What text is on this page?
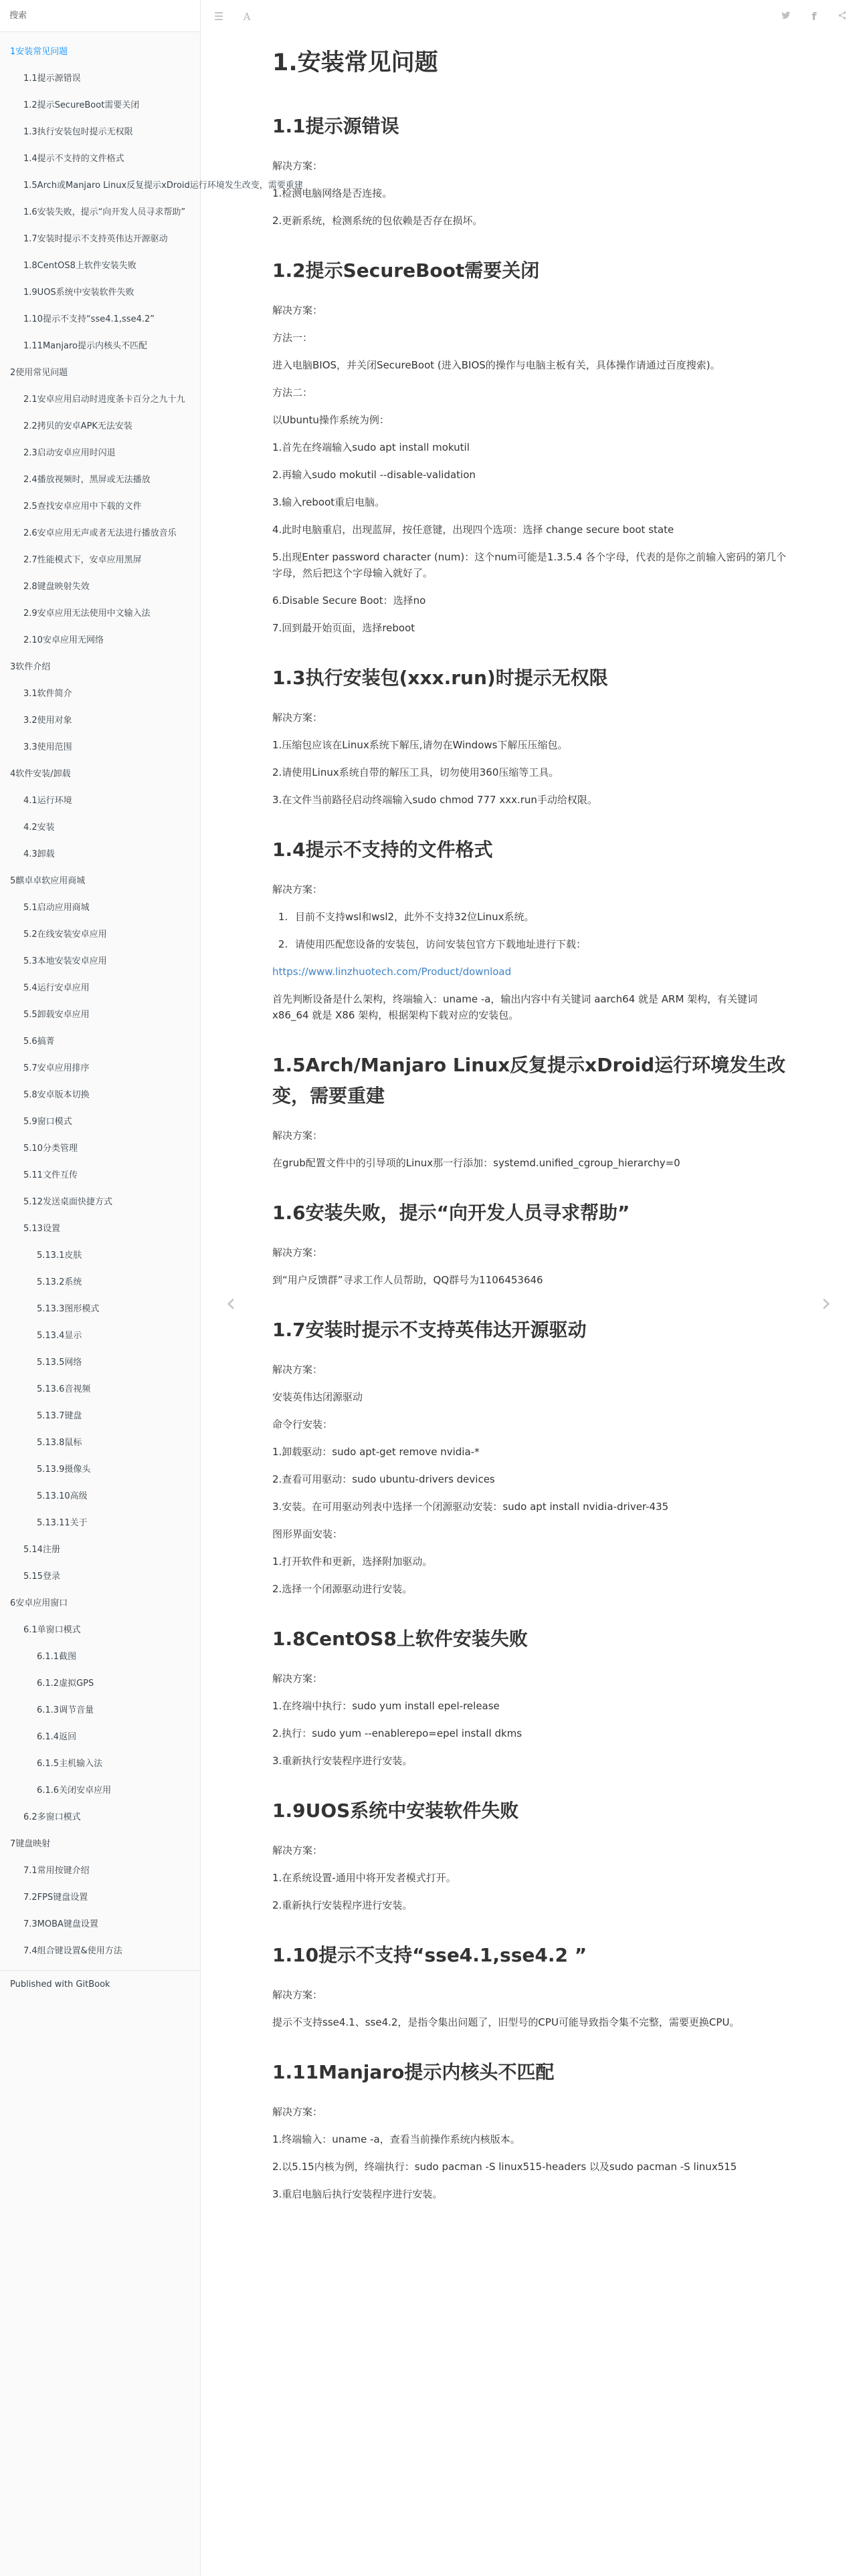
搜索
1安装常见问题
1.1提示源错误
1.2提示SecureBoot需要关闭
1.3执行安装包时提示无权限
1.4提示不支持的文件格式
1.5Arch或Manjaro Linux反复提示xDroid运行环境发生改变，需要重建
1.6安装失败，提示“向开发人员寻求帮助”
1.7安装时提示不支持英伟达开源驱动
1.8CentOS8上软件安装失败
1.9UOS系统中安装软件失败
1.10提示不支持“sse4.1,sse4.2”
1.11Manjaro提示内核头不匹配
2使用常见问题
2.1安卓应用启动时进度条卡百分之九十九
2.2拷贝的安卓APK无法安装
2.3启动安卓应用时闪退
2.4播放视频时，黑屏或无法播放
2.5查找安卓应用中下载的文件
2.6安卓应用无声或者无法进行播放音乐
2.7性能模式下，安卓应用黑屏
2.8键盘映射失效
2.9安卓应用无法使用中文输入法
2.10安卓应用无网络
3软件介绍
3.1软件简介
3.2使用对象
3.3使用范围
4软件安装/卸载
4.1运行环境
4.2安装
4.3卸载
5麒卓卓软应用商城
5.1启动应用商城
5.2在线安装安卓应用
5.3本地安装安卓应用
5.4运行安卓应用
5.5卸载安卓应用
5.6搞菁
5.7安卓应用排序
5.8安卓版本切换
5.9窗口模式
5.10分类管理
5.11文件互传
5.12发送桌面快捷方式
5.13设置
5.13.1皮肤
5.13.2系统
5.13.3图形模式
5.13.4显示
5.13.5网络
5.13.6音视频
5.13.7键盘
5.13.8鼠标
5.13.9摄像头
5.13.10高级
5.13.11关于
5.14注册
5.15登录
6安卓应用窗口
6.1单窗口模式
6.1.1截图
6.1.2虚拟GPS
6.1.3调节音量
6.1.4返回
6.1.5主机输入法
6.1.6关闭安卓应用
6.2多窗口模式
7键盘映射
7.1常用按键介绍
7.2FPS键盘设置
7.3MOBA键盘设置
7.4组合键设置&使用方法
Published with GitBook
☰	A	f
‹	›
1.安装常见问题
1.1提示源错误

解决方案：

1.检测电脑网络是否连接。

2.更新系统，检测系统的包依赖是否存在损坏。

1.2提示SecureBoot需要关闭

解决方案：

方法一：

进入电脑BIOS，并关闭SecureBoot (进入BIOS的操作与电脑主板有关，具体操作请通过百度搜索)。

方法二：

以Ubuntu操作系统为例：

1.首先在终端输入sudo apt install mokutil

2.再输入sudo mokutil --disable-validation

3.输入reboot重启电脑。

4.此时电脑重启，出现蓝屏，按任意键，出现四个选项：选择 change secure boot state

5.出现Enter password character (num)：这个num可能是1.3.5.4 各个字母，代表的是你之前输入密码的第几个字母，然后把这个字母输入就好了。

6.Disable Secure Boot：选择no

7.回到最开始页面，选择reboot

1.3执行安装包(xxx.run)时提示无权限

解决方案：

1.压缩包应该在Linux系统下解压,请勿在Windows下解压压缩包。

2.请使用Linux系统自带的解压工具，切勿使用360压缩等工具。

3.在文件当前路径启动终端输入sudo chmod 777 xxx.run手动给权限。

1.4提示不支持的文件格式

解决方案：

1. 目前不支持wsl和wsl2，此外不支持32位Linux系统。
2. 请使用匹配您设备的安装包，访问安装包官方下载地址进行下载：

https://www.linzhuotech.com/Product/download

首先判断设备是什么架构，终端输入：uname -a，输出内容中有关键词 aarch64 就是 ARM 架构，有关键词 x86_64 就是 X86 架构，根据架构下载对应的安装包。

1.5Arch/Manjaro Linux反复提示xDroid运行环境发生改变，需要重建

解决方案：

在grub配置文件中的引导项的Linux那一行添加：systemd.unified_cgroup_hierarchy=0

1.6安装失败，提示“向开发人员寻求帮助”

解决方案：

到“用户反馈群”寻求工作人员帮助，QQ群号为1106453646

1.7安装时提示不支持英伟达开源驱动

解决方案：

安装英伟达闭源驱动

命令行安装：

1.卸载驱动：sudo apt-get remove nvidia-*

2.查看可用驱动：sudo ubuntu-drivers devices

3.安装。在可用驱动列表中选择一个闭源驱动安装：sudo apt install nvidia-driver-435

图形界面安装：

1.打开软件和更新，选择附加驱动。

2.选择一个闭源驱动进行安装。

1.8CentOS8上软件安装失败

解决方案：

1.在终端中执行：sudo yum install epel-release

2.执行：sudo yum --enablerepo=epel install dkms

3.重新执行安装程序进行安装。

1.9UOS系统中安装软件失败

解决方案：

1.在系统设置-通用中将开发者模式打开。

2.重新执行安装程序进行安装。

1.10提示不支持“sse4.1,sse4.2 ”

解决方案：

提示不支持sse4.1、sse4.2，是指令集出问题了，旧型号的CPU可能导致指令集不完整，需要更换CPU。

1.11Manjaro提示内核头不匹配

解决方案：

1.终端输入：uname -a，查看当前操作系统内核版本。

2.以5.15内核为例，终端执行：sudo pacman -S linux515-headers 以及sudo pacman -S linux515

3.重启电脑后执行安装程序进行安装。
